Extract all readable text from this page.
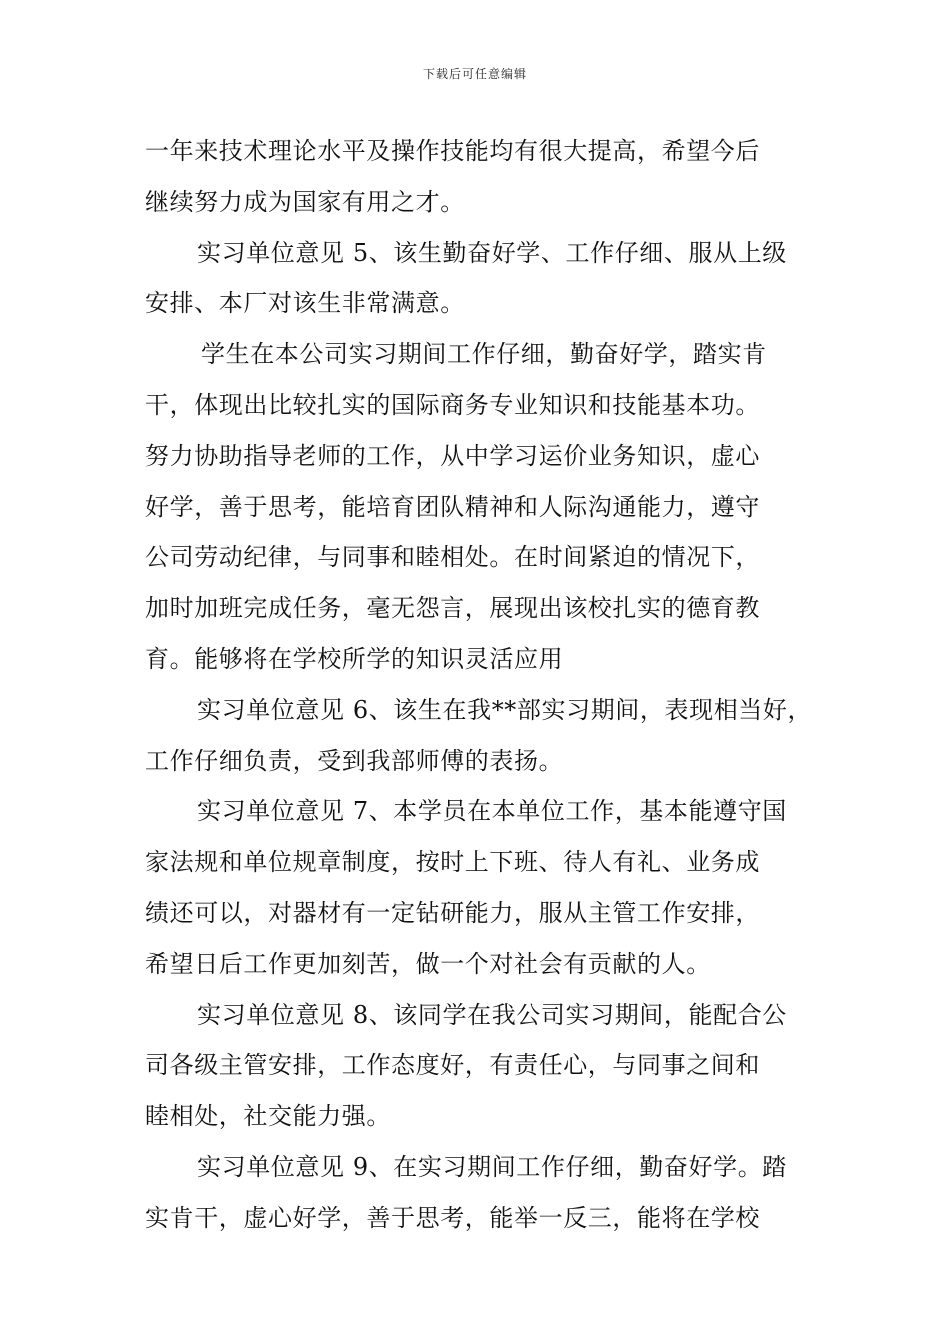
下载后可任意编辑
一年来技术理论水平及操作技能均有很大提高，希望今后
继续努力成为国家有用之才。
实习单位意见 5、该生勤奋好学、工作仔细、服从上级
安排、本厂对该生非常满意。
学生在本公司实习期间工作仔细，勤奋好学，踏实肯
干，体现出比较扎实的国际商务专业知识和技能基本功。
努力协助指导老师的工作，从中学习运价业务知识，虚心
好学，善于思考，能培育团队精神和人际沟通能力，遵守
公司劳动纪律，与同事和睦相处。在时间紧迫的情况下，
加时加班完成任务，毫无怨言，展现出该校扎实的德育教
育。能够将在学校所学的知识灵活应用
实习单位意见 6、该生在我**部实习期间，表现相当好，
工作仔细负责，受到我部师傅的表扬。
实习单位意见 7、本学员在本单位工作，基本能遵守国
家法规和单位规章制度，按时上下班、待人有礼、业务成
绩还可以，对器材有一定钻研能力，服从主管工作安排，
希望日后工作更加刻苦，做一个对社会有贡献的人。
实习单位意见 8、该同学在我公司实习期间，能配合公
司各级主管安排，工作态度好，有责任心，与同事之间和
睦相处，社交能力强。
实习单位意见 9、在实习期间工作仔细，勤奋好学。踏
实肯干，虚心好学，善于思考，能举一反三，能将在学校
